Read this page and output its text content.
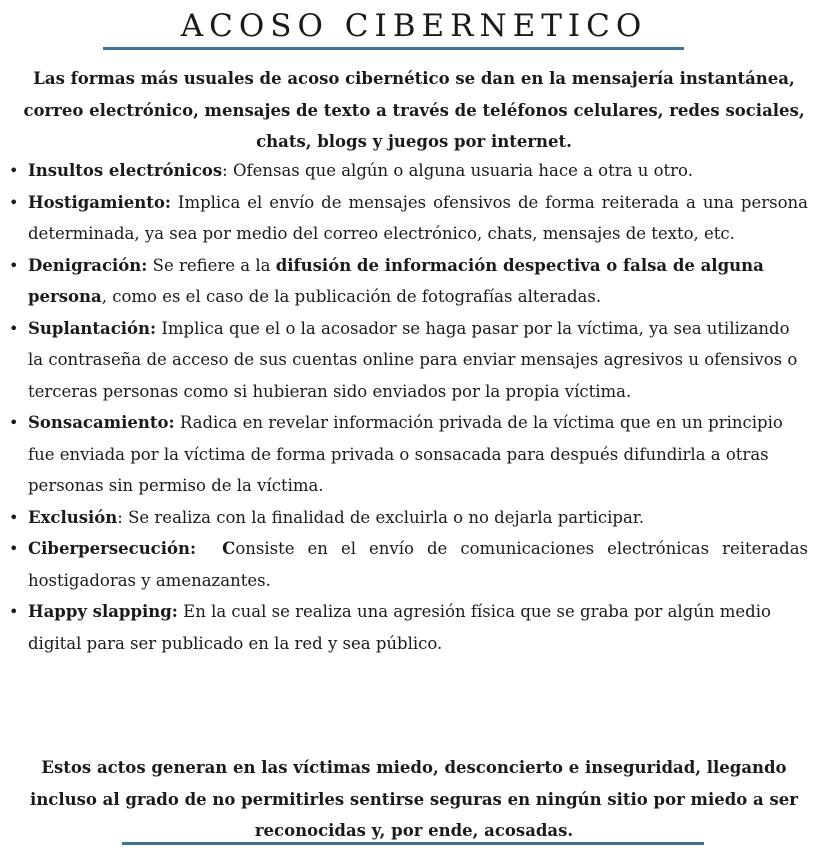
ACOSO CIBERNETICO

Las formas más usuales de acoso cibernético se dan en la mensajería instantánea, correo electrónico, mensajes de texto a través de teléfonos celulares, redes sociales, chats, blogs y juegos por internet.

• Insultos electrónicos: Ofensas que algún o alguna usuaria hace a otra u otro.
• Hostigamiento: Implica el envío de mensajes ofensivos de forma reiterada a una persona determinada, ya sea por medio del correo electrónico, chats, mensajes de texto, etc.
• Denigración: Se refiere a la difusión de información despectiva o falsa de alguna persona, como es el caso de la publicación de fotografías alteradas.
• Suplantación: Implica que el o la acosador se haga pasar por la víctima, ya sea utilizando la contraseña de acceso de sus cuentas online para enviar mensajes agresivos u ofensivos o terceras personas como si hubieran sido enviados por la propia víctima.
• Sonsacamiento: Radica en revelar información privada de la víctima que en un principio fue enviada por la víctima de forma privada o sonsacada para después difundirla a otras personas sin permiso de la víctima.
• Exclusión: Se realiza con la finalidad de excluirla o no dejarla participar.
• Ciberpersecución: Consiste en el envío de comunicaciones electrónicas reiteradas hostigadoras y amenazantes.
• Happy slapping: En la cual se realiza una agresión física que se graba por algún medio digital para ser publicado en la red y sea público.

Estos actos generan en las víctimas miedo, desconcierto e inseguridad, llegando incluso al grado de no permitirles sentirse seguras en ningún sitio por miedo a ser reconocidas y, por ende, acosadas.
